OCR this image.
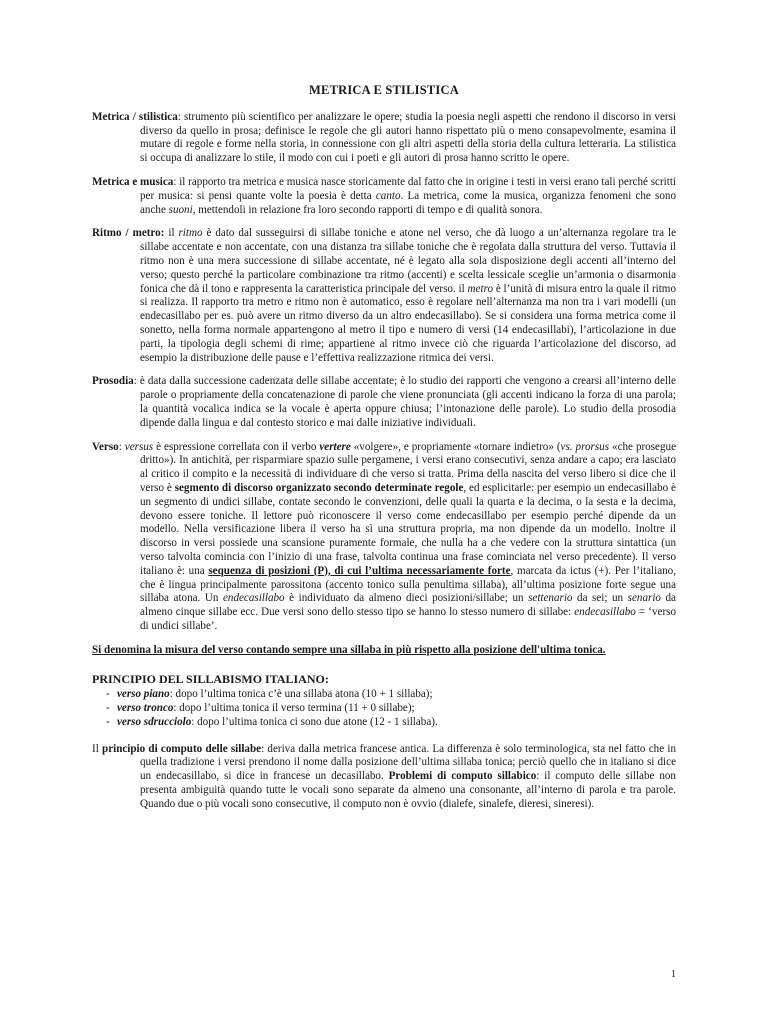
METRICA E STILISTICA

Metrica / stilistica: strumento più scientifico per analizzare le opere; studia la poesia negli aspetti che rendono il discorso in versi diverso da quello in prosa; definisce le regole che gli autori hanno rispettato più o meno consapevolmente, esamina il mutare di regole e forme nella storia, in connessione con gli altri aspetti della storia della cultura letteraria. La stilistica si occupa di analizzare lo stile, il modo con cui i poeti e gli autori di prosa hanno scritto le opere.

Metrica e musica: il rapporto tra metrica e musica nasce storicamente dal fatto che in origine i testi in versi erano tali perché scritti per musica: si pensi quante volte la poesia è detta canto. La metrica, come la musica, organizza fenomeni che sono anche suoni, mettendoli in relazione fra loro secondo rapporti di tempo e di qualità sonora.

Ritmo / metro: il ritmo è dato dal susseguirsi di sillabe toniche e atone nel verso, che dà luogo a un’alternanza regolare tra le sillabe accentate e non accentate, con una distanza tra sillabe toniche che è regolata dalla struttura del verso. Tuttavia il ritmo non è una mera successione di sillabe accentate, né è legato alla sola disposizione degli accenti all’interno del verso; questo perché la particolare combinazione tra ritmo (accenti) e scelta lessicale sceglie un’armonia o disarmonia fonica che dà il tono e rappresenta la caratteristica principale del verso. il metro è l’unità di misura entro la quale il ritmo si realizza. Il rapporto tra metro e ritmo non è automatico, esso è regolare nell’alternanza ma non tra i vari modelli (un endecasillabo per es. può avere un ritmo diverso da un altro endecasillabo). Se si considera una forma metrica come il sonetto, nella forma normale appartengono al metro il tipo e numero di versi (14 endecasillabi), l’articolazione in due parti, la tipologia degli schemi di rime; appartiene al ritmo invece ciò che riguarda l’articolazione del discorso, ad esempio la distribuzione delle pause e l’effettiva realizzazione ritmica dei versi.

Prosodia: è data dalla successione cadenzata delle sillabe accentate; è lo studio dei rapporti che vengono a crearsi all’interno delle parole o propriamente della concatenazione di parole che viene pronunciata (gli accenti indicano la forza di una parola; la quantità vocalica indica se la vocale è aperta oppure chiusa; l’intonazione delle parole). Lo studio della prosodia dipende dalla lingua e dal contesto storico e mai dalle iniziative individuali.

Verso: versus è espressione correllata con il verbo vertere «volgere», e propriamente «tornare indietro» (vs. prorsus «che prosegue dritto»). In antichità, per risparmiare spazio sulle pergamene, i versi erano consecutivi, senza andare a capo; era lasciato al critico il compito e la necessità di individuare di che verso si tratta. Prima della nascita del verso libero si dice che il verso è segmento di discorso organizzato secondo determinate regole, ed esplicitarle: per esempio un endecasillabo è un segmento di undici sillabe, contate secondo le convenzioni, delle quali la quarta e la decima, o la sesta e la decima, devono essere toniche. Il lettore può riconoscere il verso come endecasillabo per esempio perché dipende da un modello. Nella versificazione libera il verso ha sì una struttura propria, ma non dipende da un modello. Inoltre il discorso in versi possiede una scansione puramente formale, che nulla ha a che vedere con la struttura sintattica (un verso talvolta comincia con l’inizio di una frase, talvolta continua una frase cominciata nel verso precedente). Il verso italiano è: una sequenza di posizioni (P), di cui l’ultima necessariamente forte, marcata da ictus (+). Per l’italiano, che è lingua principalmente parossitona (accento tonico sulla penultima sillaba), all’ultima posizione forte segue una sillaba atona. Un endecasillabo è individuato da almeno dieci posizioni/sillabe; un settenario da sei; un senario da almeno cinque sillabe ecc. Due versi sono dello stesso tipo se hanno lo stesso numero di sillabe: endecasillabo = ‘verso di undici sillabe’.

Si denomina la misura del verso contando sempre una sillaba in più rispetto alla posizione dell'ultima tonica.
PRINCIPIO DEL SILLABISMO ITALIANO:
- verso piano: dopo l’ultima tonica c’è una sillaba atona (10 + 1 sillaba);
- verso tronco: dopo l’ultima tonica il verso termina (11 + 0 sillabe);
- verso sdrucciolo: dopo l’ultima tonica ci sono due atone (12 - 1 sillaba).

Il principio di computo delle sillabe: deriva dalla metrica francese antica. La differenza è solo terminologica, sta nel fatto che in quella tradizione i versi prendono il nome dalla posizione dell’ultima sillaba tonica; perciò quello che in italiano si dice un endecasillabo, si dice in francese un decasillabo. Problemi di computo sillabico: il computo delle sillabe non presenta ambiguità quando tutte le vocali sono separate da almeno una consonante, all’interno di parola e tra parole. Quando due o più vocali sono consecutive, il computo non è ovvio (dialefe, sinalefe, dieresi, sineresi).

1
